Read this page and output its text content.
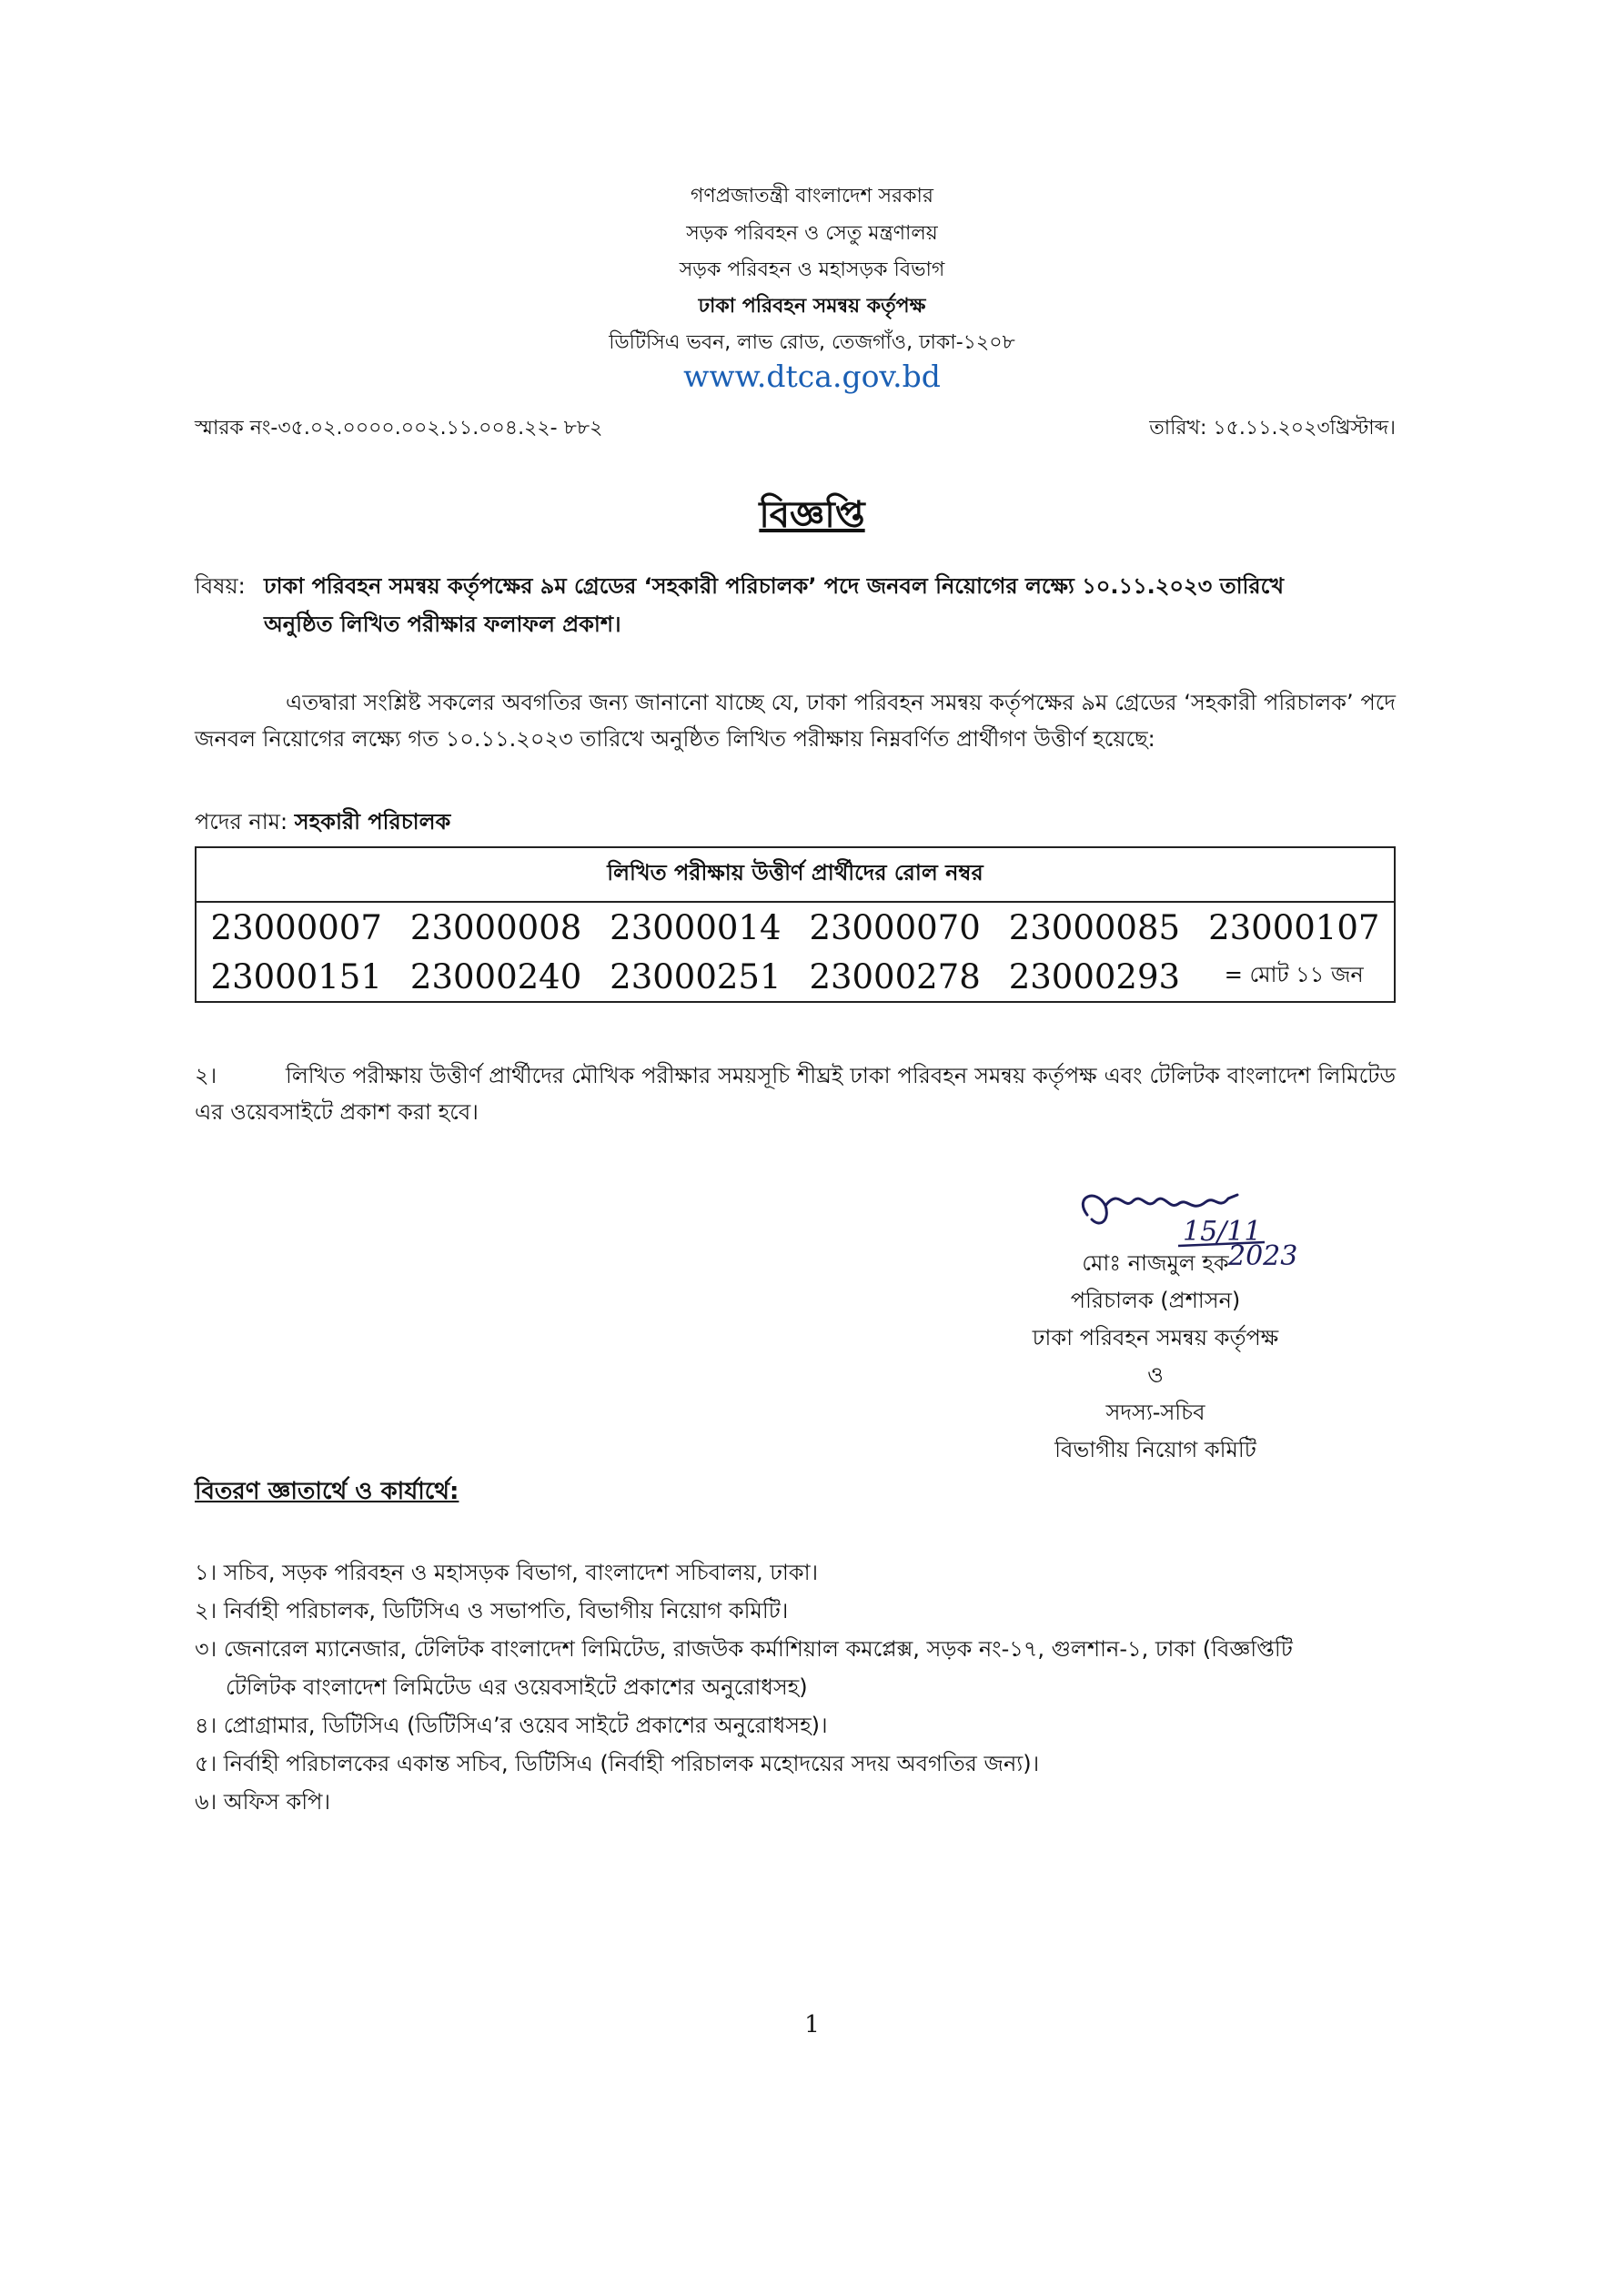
গণপ্রজাতন্ত্রী বাংলাদেশ সরকার
সড়ক পরিবহন ও সেতু মন্ত্রণালয়
সড়ক পরিবহন ও মহাসড়ক বিভাগ
ঢাকা পরিবহন সমন্বয় কর্তৃপক্ষ
ডিটিসিএ ভবন, লাভ রোড, তেজগাঁও, ঢাকা-১২০৮
www.dtca.gov.bd
স্মারক নং-৩৫.০২.০০০০.০০২.১১.০০৪.২২- ৮৮২	তারিখ: ১৫.১১.২০২৩খ্রিস্টাব্দ।
বিজ্ঞপ্তি
বিষয়: ঢাকা পরিবহন সমন্বয় কর্তৃপক্ষের ৯ম গ্রেডের ‘সহকারী পরিচালক’ পদে জনবল নিয়োগের লক্ষ্যে ১০.১১.২০২৩ তারিখে
অনুষ্ঠিত লিখিত পরীক্ষার ফলাফল প্রকাশ।
এতদ্বারা সংশ্লিষ্ট সকলের অবগতির জন্য জানানো যাচ্ছে যে, ঢাকা পরিবহন সমন্বয় কর্তৃপক্ষের ৯ম গ্রেডের ‘সহকারী পরিচালক’ পদে জনবল নিয়োগের লক্ষ্যে গত ১০.১১.২০২৩ তারিখে অনুষ্ঠিত লিখিত পরীক্ষায় নিম্নবর্ণিত প্রার্থীগণ উত্তীর্ণ হয়েছে:
পদের নাম: সহকারী পরিচালক
লিখিত পরীক্ষায় উত্তীর্ণ প্রার্থীদের রোল নম্বর					
23000007	23000008	23000014	23000070	23000085	23000107
23000151	23000240	23000251	23000278	23000293	= মোট ১১ জন
২।	লিখিত পরীক্ষায় উত্তীর্ণ প্রার্থীদের মৌখিক পরীক্ষার সময়সূচি শীঘ্রই ঢাকা পরিবহন সমন্বয় কর্তৃপক্ষ এবং টেলিটক বাংলাদেশ লিমিটেড এর ওয়েবসাইটে প্রকাশ করা হবে।
15/11
2023
মোঃ নাজমুল হক
পরিচালক (প্রশাসন)
ঢাকা পরিবহন সমন্বয় কর্তৃপক্ষ
ও
সদস্য-সচিব
বিভাগীয় নিয়োগ কমিটি
বিতরণ জ্ঞাতার্থে ও কার্যার্থে:
১। সচিব, সড়ক পরিবহন ও মহাসড়ক বিভাগ, বাংলাদেশ সচিবালয়, ঢাকা।
২। নির্বাহী পরিচালক, ডিটিসিএ ও সভাপতি, বিভাগীয় নিয়োগ কমিটি।
৩। জেনারেল ম্যানেজার, টেলিটক বাংলাদেশ লিমিটেড, রাজউক কর্মাশিয়াল কমপ্লেক্স, সড়ক নং-১৭, গুলশান-১, ঢাকা (বিজ্ঞপ্তিটি
টেলিটক বাংলাদেশ লিমিটেড এর ওয়েবসাইটে প্রকাশের অনুরোধসহ)
৪। প্রোগ্রামার, ডিটিসিএ (ডিটিসিএ’র ওয়েব সাইটে প্রকাশের অনুরোধসহ)।
৫। নির্বাহী পরিচালকের একান্ত সচিব, ডিটিসিএ (নির্বাহী পরিচালক মহোদয়ের সদয় অবগতির জন্য)।
৬। অফিস কপি।
1
